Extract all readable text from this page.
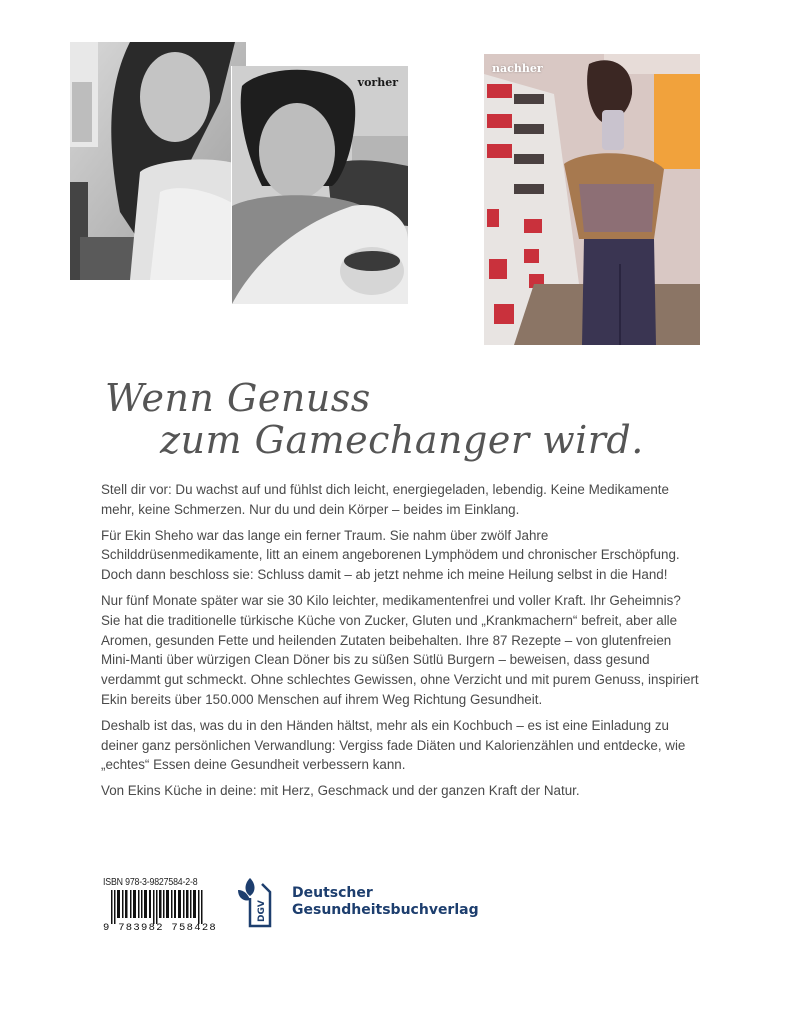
vorher
nachher
Wenn Genuss
zum Gamechanger wird.

Stell dir vor: Du wachst auf und fühlst dich leicht, energiegeladen, lebendig. Keine Medikamente mehr, keine Schmerzen. Nur du und dein Körper – beides im Einklang.

Für Ekin Sheho war das lange ein ferner Traum. Sie nahm über zwölf Jahre Schilddrüsenmedikamente, litt an einem angeborenen Lymphödem und chronischer Erschöpfung. Doch dann beschloss sie: Schluss damit – ab jetzt nehme ich meine Heilung selbst in die Hand!

Nur fünf Monate später war sie 30 Kilo leichter, medikamentenfrei und voller Kraft. Ihr Geheimnis? Sie hat die traditionelle türkische Küche von Zucker, Gluten und „Krankmachern“ befreit, aber alle Aromen, gesunden Fette und heilenden Zutaten beibehalten. Ihre 87 Rezepte – von glutenfreien Mini-Manti über würzigen Clean Döner bis zu süßen Sütlü Burgern – beweisen, dass gesund verdammt gut schmeckt. Ohne schlechtes Gewissen, ohne Verzicht und mit purem Genuss, inspiriert Ekin bereits über 150.000 Menschen auf ihrem Weg Richtung Gesundheit.

Deshalb ist das, was du in den Händen hältst, mehr als ein Kochbuch – es ist eine Einladung zu deiner ganz persönlichen Verwandlung: Vergiss fade Diäten und Kalorienzählen und entdecke, wie „echtes“ Essen deine Gesundheit verbessern kann.

Von Ekins Küche in deine: mit Herz, Geschmack und der ganzen Kraft der Natur.

ISBN 978-3-9827584-2-8
9 783982 758428
DGV
Deutscher
Gesundheitsbuchverlag
